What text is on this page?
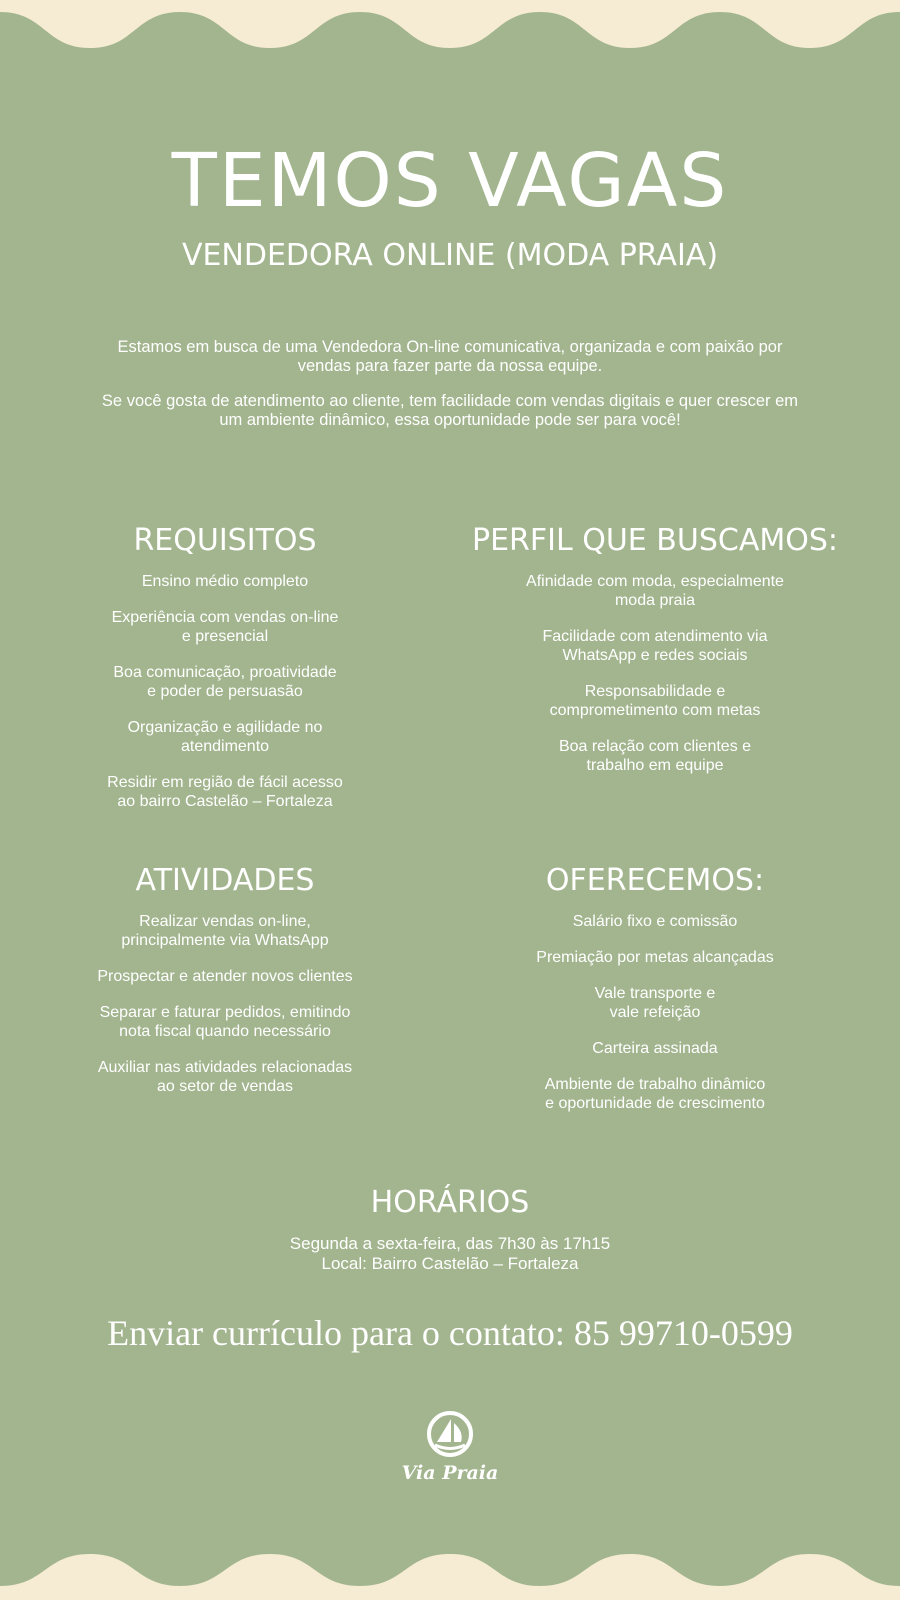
TEMOS VAGAS
VENDEDORA ONLINE (MODA PRAIA)

Estamos em busca de uma Vendedora On-line comunicativa, organizada e com paixão por vendas para fazer parte da nossa equipe.

Se você gosta de atendimento ao cliente, tem facilidade com vendas digitais e quer crescer em um ambiente dinâmico, essa oportunidade pode ser para você!

REQUISITOS
Ensino médio completo
Experiência com vendas on-line
e presencial
Boa comunicação, proatividade
e poder de persuasão
Organização e agilidade no
atendimento
Residir em região de fácil acesso
ao bairro Castelão – Fortaleza
PERFIL QUE BUSCAMOS:
Afinidade com moda, especialmente
moda praia
Facilidade com atendimento via
WhatsApp e redes sociais
Responsabilidade e
comprometimento com metas
Boa relação com clientes e
trabalho em equipe
ATIVIDADES
Realizar vendas on-line,
principalmente via WhatsApp
Prospectar e atender novos clientes
Separar e faturar pedidos, emitindo
nota fiscal quando necessário
Auxiliar nas atividades relacionadas
ao setor de vendas
OFERECEMOS:
Salário fixo e comissão
Premiação por metas alcançadas
Vale transporte e
vale refeição
Carteira assinada
Ambiente de trabalho dinâmico
e oportunidade de crescimento
HORÁRIOS

Segunda a sexta-feira, das 7h30 às 17h15

Local: Bairro Castelão – Fortaleza

Enviar currículo para o contato: 85 99710-0599

Via Praia
